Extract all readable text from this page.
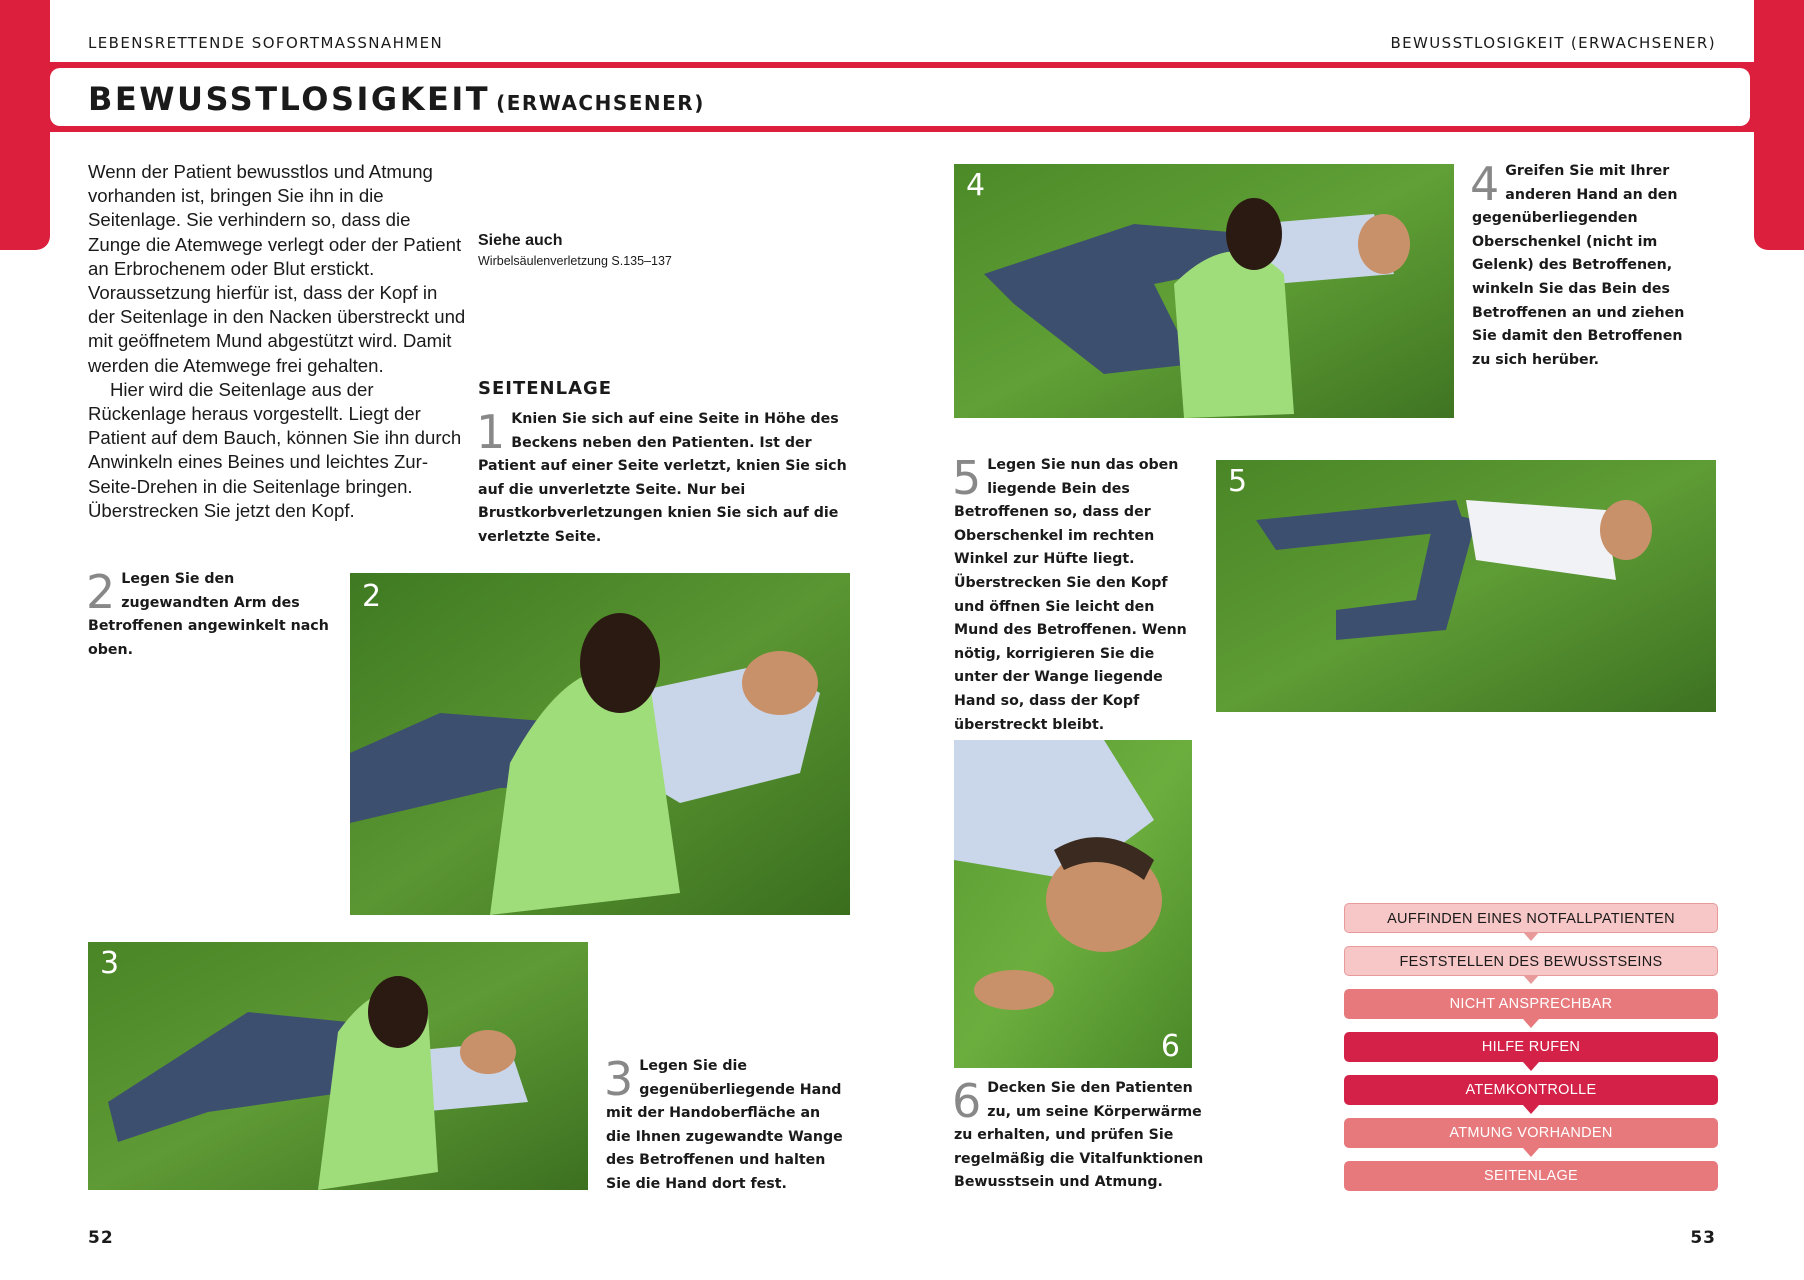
LEBENSRETTENDE SOFORTMASSNAHMEN	BEWUSSTLOSIGKEIT (ERWACHSENER)
BEWUSSTLOSIGKEIT (ERWACHSENER)

Wenn der Patient bewusstlos und Atmung vorhanden ist, bringen Sie ihn in die Seitenlage. Sie verhindern so, dass die Zunge die Atemwege verlegt oder der Patient an Erbrochenem oder Blut erstickt. Voraussetzung hierfür ist, dass der Kopf in der Seitenlage in den Nacken überstreckt und mit geöffnetem Mund abgestützt wird. Damit werden die Atemwege frei gehalten.

Hier wird die Seitenlage aus der Rückenlage heraus vorgestellt. Liegt der Patient auf dem Bauch, können Sie ihn durch Anwinkeln eines Beines und leichtes Zur-Seite-Drehen in die Seitenlage bringen. Überstrecken Sie jetzt den Kopf.

Siehe auch
Wirbelsäulenverletzung S.135–137
SEITENLAGE
1 Knien Sie sich auf eine Seite in Höhe des Beckens neben den Patienten. Ist der Patient auf einer Seite verletzt, knien Sie sich auf die unverletzte Seite. Nur bei Brustkorbverletzungen knien Sie sich auf die verletzte Seite.
2 Legen Sie den zugewandten Arm des Betroffenen angewinkelt nach oben.
3 Legen Sie die gegenüberliegende Hand mit der Handoberfläche an die Ihnen zugewandte Wange des Betroffenen und halten Sie die Hand dort fest.
4 Greifen Sie mit Ihrer anderen Hand an den gegenüberliegenden Oberschenkel (nicht im Gelenk) des Betroffenen, winkeln Sie das Bein des Betroffenen an und ziehen Sie damit den Betroffenen zu sich herüber.
5 Legen Sie nun das oben liegende Bein des Betroffenen so, dass der Oberschenkel im rechten Winkel zur Hüfte liegt. Überstrecken Sie den Kopf und öffnen Sie leicht den Mund des Betroffenen. Wenn nötig, korrigieren Sie die unter der Wange liegende Hand so, dass der Kopf überstreckt bleibt.
6 Decken Sie den Patienten zu, um seine Körperwärme zu erhalten, und prüfen Sie regelmäßig die Vitalfunktionen Bewusstsein und Atmung.
2
3
4
5
6
AUFFINDEN EINES NOTFALLPATIENTEN
FESTSTELLEN DES BEWUSSTSEINS
NICHT ANSPRECHBAR
HILFE RUFEN
ATEMKONTROLLE
ATMUNG VORHANDEN
SEITENLAGE
52	53
